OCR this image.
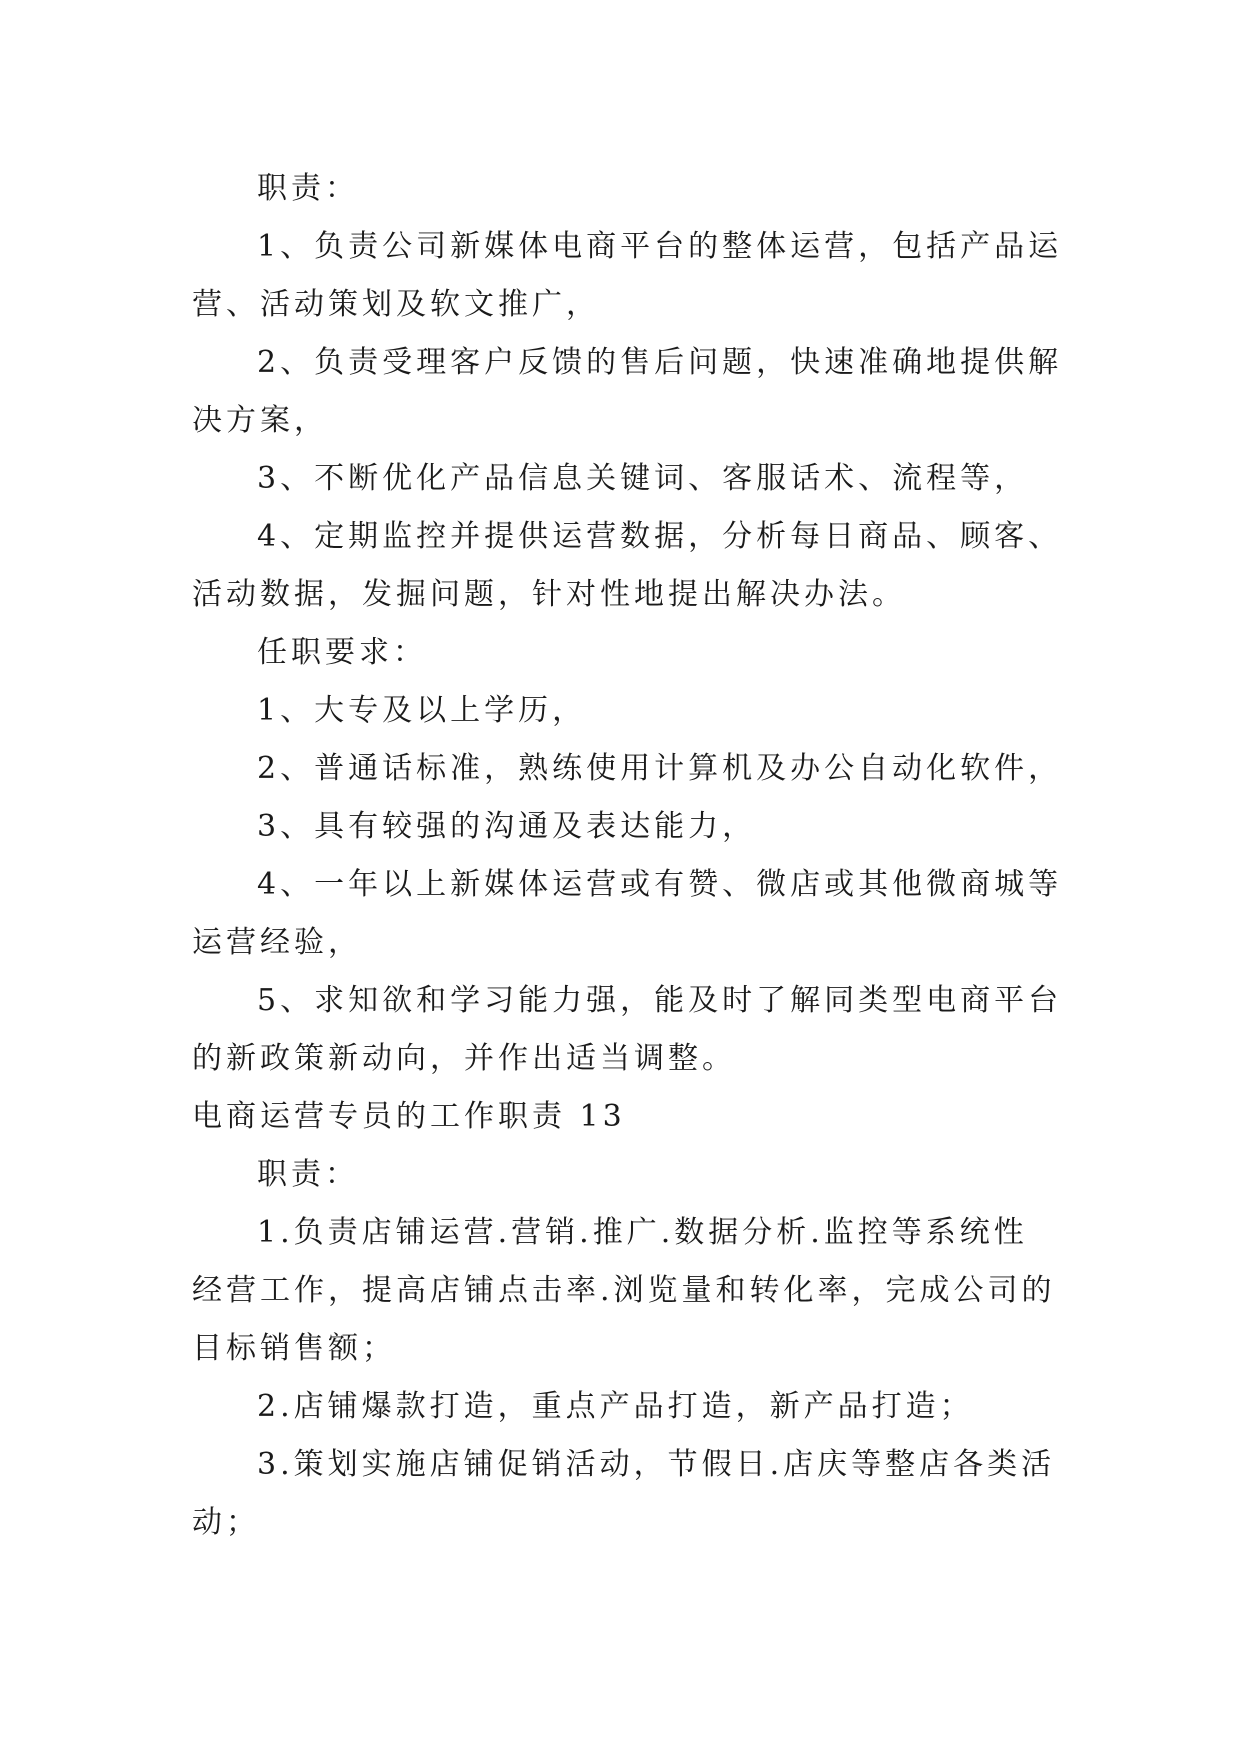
职责：
1、负责公司新媒体电商平台的整体运营，包括产品运
营、活动策划及软文推广，
2、负责受理客户反馈的售后问题，快速准确地提供解
决方案，
3、不断优化产品信息关键词、客服话术、流程等，
4、定期监控并提供运营数据，分析每日商品、顾客、
活动数据，发掘问题，针对性地提出解决办法。
任职要求：
1、大专及以上学历，
2、普通话标准，熟练使用计算机及办公自动化软件，
3、具有较强的沟通及表达能力，
4、一年以上新媒体运营或有赞、微店或其他微商城等
运营经验，
5、求知欲和学习能力强，能及时了解同类型电商平台
的新政策新动向，并作出适当调整。
电商运营专员的工作职责 13
职责：
1.负责店铺运营.营销.推广.数据分析.监控等系统性
经营工作，提高店铺点击率.浏览量和转化率，完成公司的
目标销售额；
2.店铺爆款打造，重点产品打造，新产品打造；
3.策划实施店铺促销活动，节假日.店庆等整店各类活
动；
